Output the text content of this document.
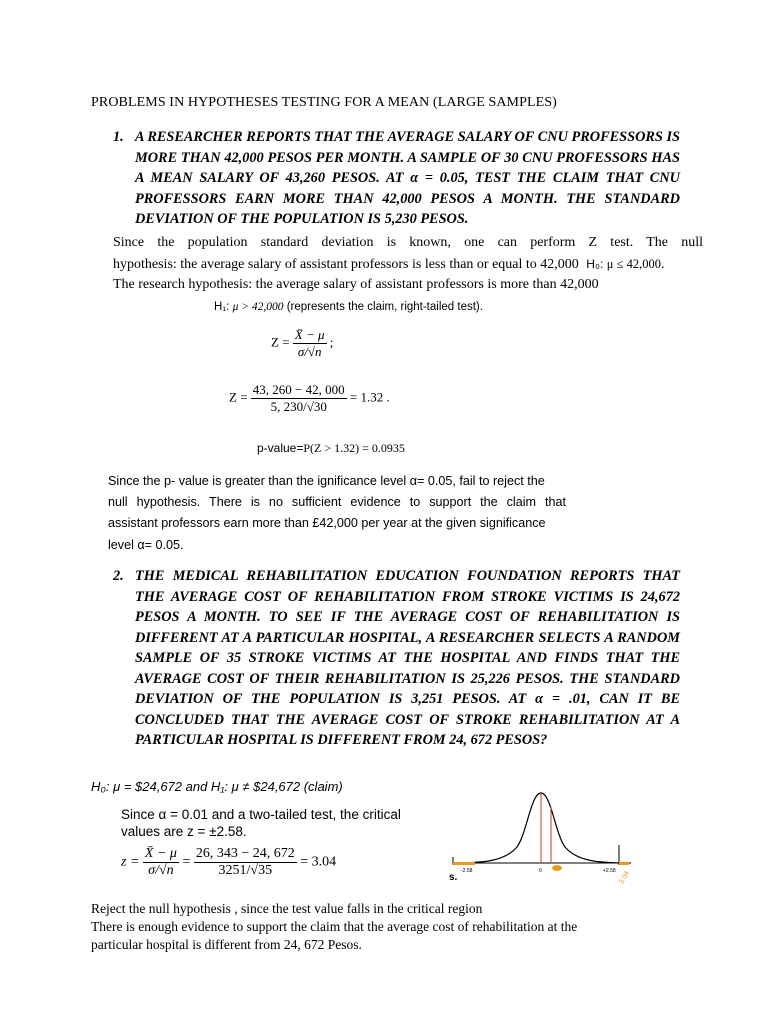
PROBLEMS IN HYPOTHESES TESTING FOR A MEAN (LARGE SAMPLES)
1. A RESEARCHER REPORTS THAT THE AVERAGE SALARY OF CNU PROFESSORS IS MORE THAN 42,000 PESOS PER MONTH. A SAMPLE OF 30 CNU PROFESSORS HAS A MEAN SALARY OF 43,260 PESOS. AT α = 0.05, TEST THE CLAIM THAT CNU PROFESSORS EARN MORE THAN 42,000 PESOS A MONTH. THE STANDARD DEVIATION OF THE POPULATION IS 5,230 PESOS.
Since the population standard deviation is known, one can perform Z test. The null
hypothesis: the average salary of assistant professors is less than or equal to 42,000 H₀: μ ≤ 42,000.
The research hypothesis: the average salary of assistant professors is more than 42,000
H₁: μ > 42,000 (represents the claim, right-tailed test).
$Z = \frac{X̄ - \mu}{\sigma/√n}$ ;
$Z = \frac{43, 260 - 42, 000}{5, 230/√30} = 1.32$ .
p-value=P(Z > 1.32) = 0.0935
Since the p- value is greater than the ignificance level α= 0.05, fail to reject the
null hypothesis. There is no sufficient evidence to support the claim that
assistant professors earn more than £42,000 per year at the given significance
level α= 0.05.
2. THE MEDICAL REHABILITATION EDUCATION FOUNDATION REPORTS THAT THE AVERAGE COST OF REHABILITATION FROM STROKE VICTIMS IS 24,672 PESOS A MONTH. TO SEE IF THE AVERAGE COST OF REHABILITATION IS DIFFERENT AT A PARTICULAR HOSPITAL, A RESEARCHER SELECTS A RANDOM SAMPLE OF 35 STROKE VICTIMS AT THE HOSPITAL AND FINDS THAT THE AVERAGE COST OF THEIR REHABILITATION IS 25,226 PESOS. THE STANDARD DEVIATION OF THE POPULATION IS 3,251 PESOS. AT α = .01, CAN IT BE CONCLUDED THAT THE AVERAGE COST OF STROKE REHABILITATION AT A PARTICULAR HOSPITAL IS DIFFERENT FROM 24, 672 PESOS?
H₀: μ = $24,672 and H₁: μ ≠ $24,672 (claim)
Since α = 0.01 and a two-tailed test, the critical values are z = ±2.58.
$z = \frac{X̄ - \mu}{\sigma/√n} = \frac{26, 343 - 24, 672}{3251/√35} = 3.04$
-2.58	0	+2.58
s.	3.04
Reject the null hypothesis , since the test value falls in the critical region
There is enough evidence to support the claim that the average cost of rehabilitation at the
particular hospital is different from 24, 672 Pesos.
